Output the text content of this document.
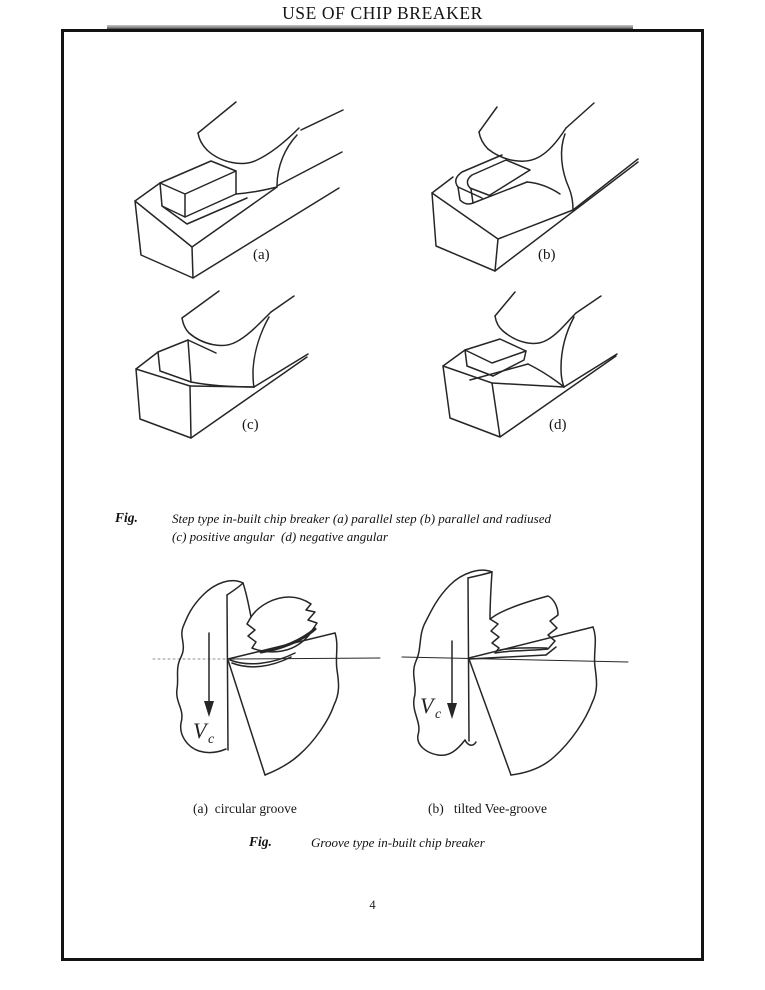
USE OF CHIP BREAKER
(a)	(b)
(c)	(d)
Fig.	Step type in-built chip breaker (a) parallel step (b) parallel and radiused
(c) positive angular  (d) negative angular
V c
V c
(a)  circular groove	(b)   tilted Vee-groove
Fig.	Groove type in-built chip breaker
4
